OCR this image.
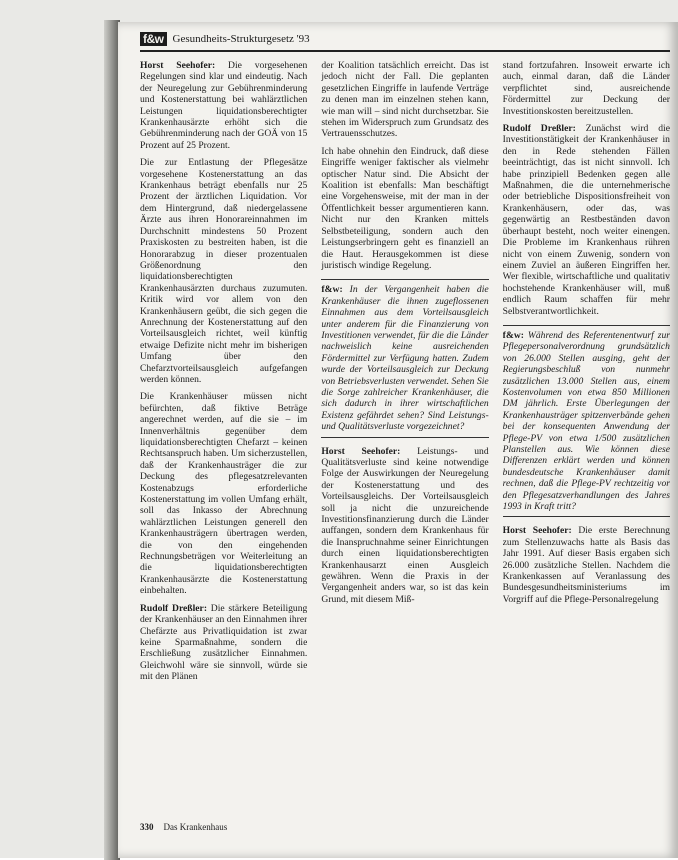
f&w Gesundheits-Strukturgesetz '93

Horst Seehofer: Die vorgesehenen Regelungen sind klar und eindeutig. Nach der Neuregelung zur Gebührenminderung und Kostenerstattung bei wahlärztlichen Leistungen liquidationsberechtigter Krankenhausärzte erhöht sich die Gebührenminderung nach der GOÄ von 15 Prozent auf 25 Prozent.

Die zur Entlastung der Pflegesätze vorgesehene Kostenerstattung an das Krankenhaus beträgt ebenfalls nur 25 Prozent der ärztlichen Liquidation. Vor dem Hintergrund, daß niedergelassene Ärzte aus ihren Honorareinnahmen im Durchschnitt mindestens 50 Prozent Praxiskosten zu bestreiten haben, ist die Honorarabzug in dieser prozentualen Größenordnung den liquidationsberechtigten Krankenhausärzten durchaus zuzumuten. Kritik wird vor allem von den Krankenhäusern geübt, die sich gegen die Anrechnung der Kostenerstattung auf den Vorteilsausgleich richtet, weil künftig etwaige Defizite nicht mehr im bisherigen Umfang über den Chefarztvorteilsausgleich aufgefangen werden können.

Die Krankenhäuser müssen nicht befürchten, daß fiktive Beträge angerechnet werden, auf die sie – im Innenverhältnis gegenüber dem liquidationsberechtigten Chefarzt – keinen Rechtsanspruch haben. Um sicherzustellen, daß der Krankenhausträger die zur Deckung des pflegesatzrelevanten Kostenabzugs erforderliche Kostenerstattung im vollen Umfang erhält, soll das Inkasso der Abrechnung wahlärztlichen Leistungen generell den Krankenhausträgern übertragen werden, die von den eingehenden Rechnungsbeträgen vor Weiterleitung an die liquidationsberechtigten Krankenhausärzte die Kostenerstattung einbehalten.

Rudolf Dreßler: Die stärkere Beteiligung der Krankenhäuser an den Einnahmen ihrer Chefärzte aus Privatliquidation ist zwar keine Sparmaßnahme, sondern die Erschließung zusätzlicher Einnahmen. Gleichwohl wäre sie sinnvoll, würde sie mit den Plänen

der Koalition tatsächlich erreicht. Das ist jedoch nicht der Fall. Die geplanten gesetzlichen Eingriffe in laufende Verträge zu denen man im einzelnen stehen kann, wie man will – sind nicht durchsetzbar. Sie stehen im Widerspruch zum Grundsatz des Vertrauensschutzes.

Ich habe ohnehin den Eindruck, daß diese Eingriffe weniger faktischer als vielmehr optischer Natur sind. Die Absicht der Koalition ist ebenfalls: Man beschäftigt eine Vorgehensweise, mit der man in der Öffentlichkeit besser argumentieren kann. Nicht nur den Kranken mittels Selbstbeteiligung, sondern auch den Leistungserbringern geht es finanziell an die Haut. Herausgekommen ist diese juristisch windige Regelung.

f&w: In der Vergangenheit haben die Krankenhäuser die ihnen zugeflossenen Einnahmen aus dem Vorteilsausgleich unter anderem für die Finanzierung von Investitionen verwendet, für die die Länder nachweislich keine ausreichenden Fördermittel zur Verfügung hatten. Zudem wurde der Vorteilsausgleich zur Deckung von Betriebsverlusten verwendet. Sehen Sie die Sorge zahlreicher Krankenhäuser, die sich dadurch in ihrer wirtschaftlichen Existenz gefährdet sehen? Sind Leistungs- und Qualitätsverluste vorgezeichnet?

Horst Seehofer: Leistungs- und Qualitätsverluste sind keine notwendige Folge der Auswirkungen der Neuregelung der Kostenerstattung und des Vorteilsausgleichs. Der Vorteilsausgleich soll ja nicht die unzureichende Investitionsfinanzierung durch die Länder auffangen, sondern dem Krankenhaus für die Inanspruchnahme seiner Einrichtungen durch einen liquidationsberechtigten Krankenhausarzt einen Ausgleich gewähren. Wenn die Praxis in der Vergangenheit anders war, so ist das kein Grund, mit diesem Miß-

stand fortzufahren. Insoweit erwarte ich auch, einmal daran, daß die Länder verpflichtet sind, ausreichende Fördermittel zur Deckung der Investitionskosten bereitzustellen.

Rudolf Dreßler: Zunächst wird die Investitionstätigkeit der Krankenhäuser in den in Rede stehenden Fällen beeinträchtigt, das ist nicht sinnvoll. Ich habe prinzipiell Bedenken gegen alle Maßnahmen, die die unternehmerische oder betriebliche Dispositionsfreiheit von Krankenhäusern, oder das, was gegenwärtig an Restbeständen davon überhaupt besteht, noch weiter einengen. Die Probleme im Krankenhaus rühren nicht von einem Zuwenig, sondern von einem Zuviel an äußeren Eingriffen her. Wer flexible, wirtschaftliche und qualitativ hochstehende Krankenhäuser will, muß endlich Raum schaffen für mehr Selbstverantwortlichkeit.

f&w: Während des Referentenentwurf zur Pflegepersonalverordnung grundsätzlich von 26.000 Stellen ausging, geht der Regierungsbeschluß von nunmehr zusätzlichen 13.000 Stellen aus, einem Kostenvolumen von etwa 850 Millionen DM jährlich. Erste Überlegungen der Krankenhausträger spitzenverbände gehen bei der konsequenten Anwendung der Pflege-PV von etwa 1/500 zusätzlichen Planstellen aus. Wie können diese Differenzen erklärt werden und können bundesdeutsche Krankenhäuser damit rechnen, daß die Pflege-PV rechtzeitig vor den Pflegesatzverhandlungen des Jahres 1993 in Kraft tritt?

Horst Seehofer: Die erste Berechnung zum Stellenzuwachs hatte als Basis das Jahr 1991. Auf dieser Basis ergaben sich 26.000 zusätzliche Stellen. Nachdem die Krankenkassen auf Veranlassung des Bundesgesundheitsministeriums im Vorgriff auf die Pflege-Personalregelung

330 Das Krankenhaus
